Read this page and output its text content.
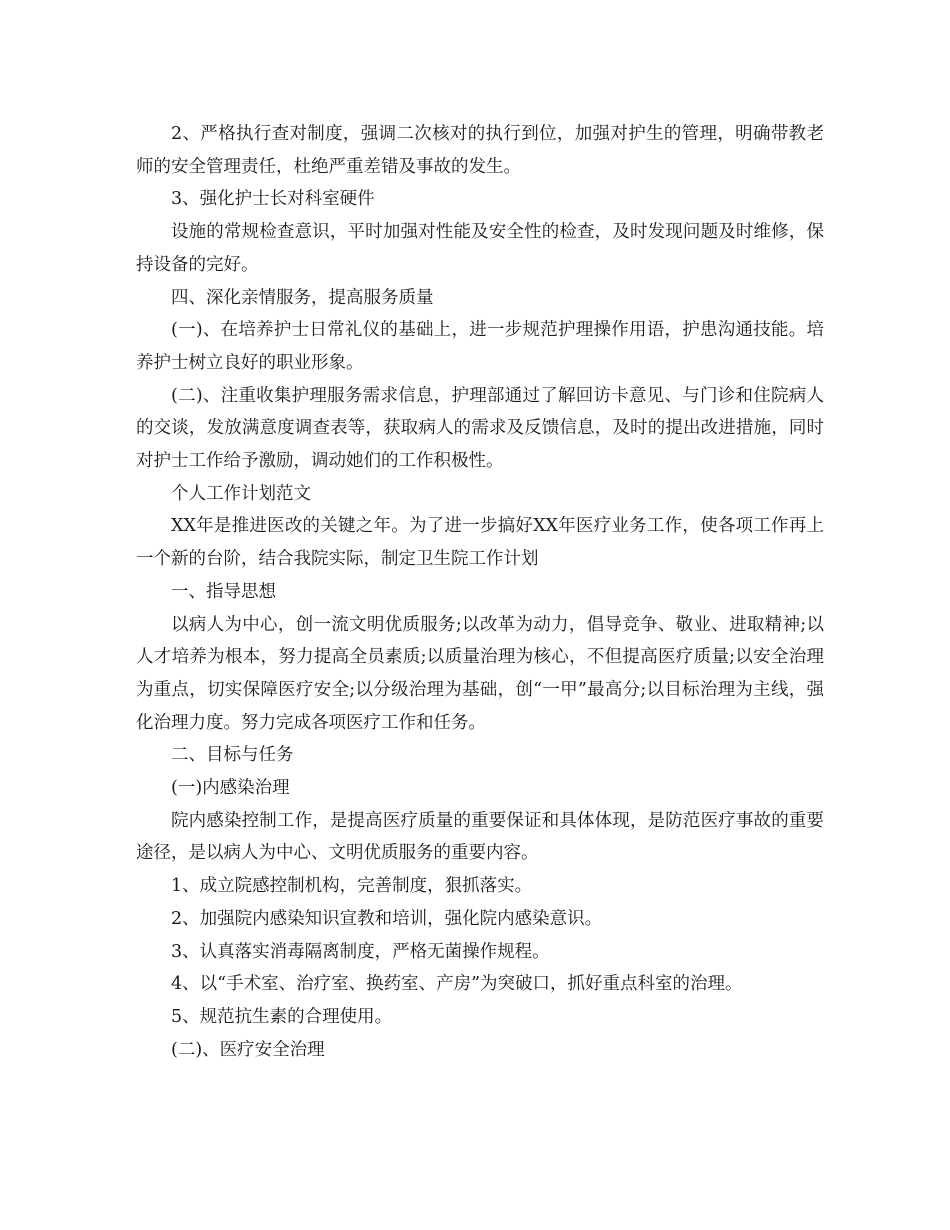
2、严格执行查对制度，强调二次核对的执行到位，加强对护生的管理，明确带教老师的安全管理责任，杜绝严重差错及事故的发生。

3、强化护士长对科室硬件

设施的常规检查意识，平时加强对性能及安全性的检查，及时发现问题及时维修，保持设备的完好。

四、深化亲情服务，提高服务质量

(一)、在培养护士日常礼仪的基础上，进一步规范护理操作用语，护患沟通技能。培养护士树立良好的职业形象。

(二)、注重收集护理服务需求信息，护理部通过了解回访卡意见、与门诊和住院病人的交谈，发放满意度调查表等，获取病人的需求及反馈信息，及时的提出改进措施，同时对护士工作给予激励，调动她们的工作积极性。

个人工作计划范文

XX年是推进医改的关键之年。为了进一步搞好XX年医疗业务工作，使各项工作再上一个新的台阶，结合我院实际，制定卫生院工作计划

一、指导思想

以病人为中心，创一流文明优质服务;以改革为动力，倡导竞争、敬业、进取精神;以人才培养为根本，努力提高全员素质;以质量治理为核心，不但提高医疗质量;以安全治理为重点，切实保障医疗安全;以分级治理为基础，创“一甲”最高分;以目标治理为主线，强化治理力度。努力完成各项医疗工作和任务。

二、目标与任务

(一)内感染治理

院内感染控制工作，是提高医疗质量的重要保证和具体体现，是防范医疗事故的重要途径，是以病人为中心、文明优质服务的重要内容。

1、成立院感控制机构，完善制度，狠抓落实。

2、加强院内感染知识宣教和培训，强化院内感染意识。

3、认真落实消毒隔离制度，严格无菌操作规程。

4、以“手术室、治疗室、换药室、产房”为突破口，抓好重点科室的治理。

5、规范抗生素的合理使用。

(二)、医疗安全治理
